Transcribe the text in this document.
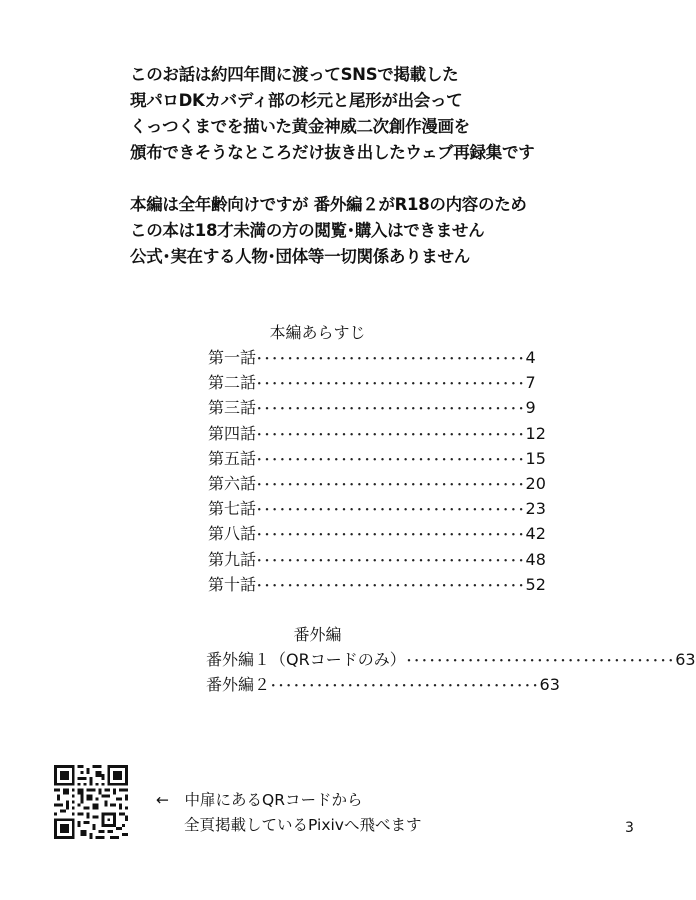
このお話は約四年間に渡ってSNSで掲載した

現パロDKカバディ部の杉元と尾形が出会って

くっつくまでを描いた黄金神威二次創作漫画を

頒布できそうなところだけ抜き出したウェブ再録集です

本編は全年齢向けですが 番外編２がR18の内容のため

この本は18才未満の方の閲覧･購入はできません

公式･実在する人物･団体等一切関係ありません

本編あらすじ
第一話 ･･･････････････････････････････････ 4
第二話 ･･･････････････････････････････････ 7
第三話 ･･･････････････････････････････････ 9
第四話 ･･･････････････････････････････････ 12
第五話 ･･･････････････････････････････････ 15
第六話 ･･･････････････････････････････････ 20
第七話 ･･･････････････････････････････････ 23
第八話 ･･･････････････････････････････････ 42
第九話 ･･･････････････････････････････････ 48
第十話 ･･･････････････････････････････････ 52
番外編
番外編１（QRコードのみ） ･･･････････････････････････････････ 63
番外編２ ･･･････････････････････････････････ 63
←　 中扉にあるQRコードから
全頁掲載しているPixivへ飛べます	3
